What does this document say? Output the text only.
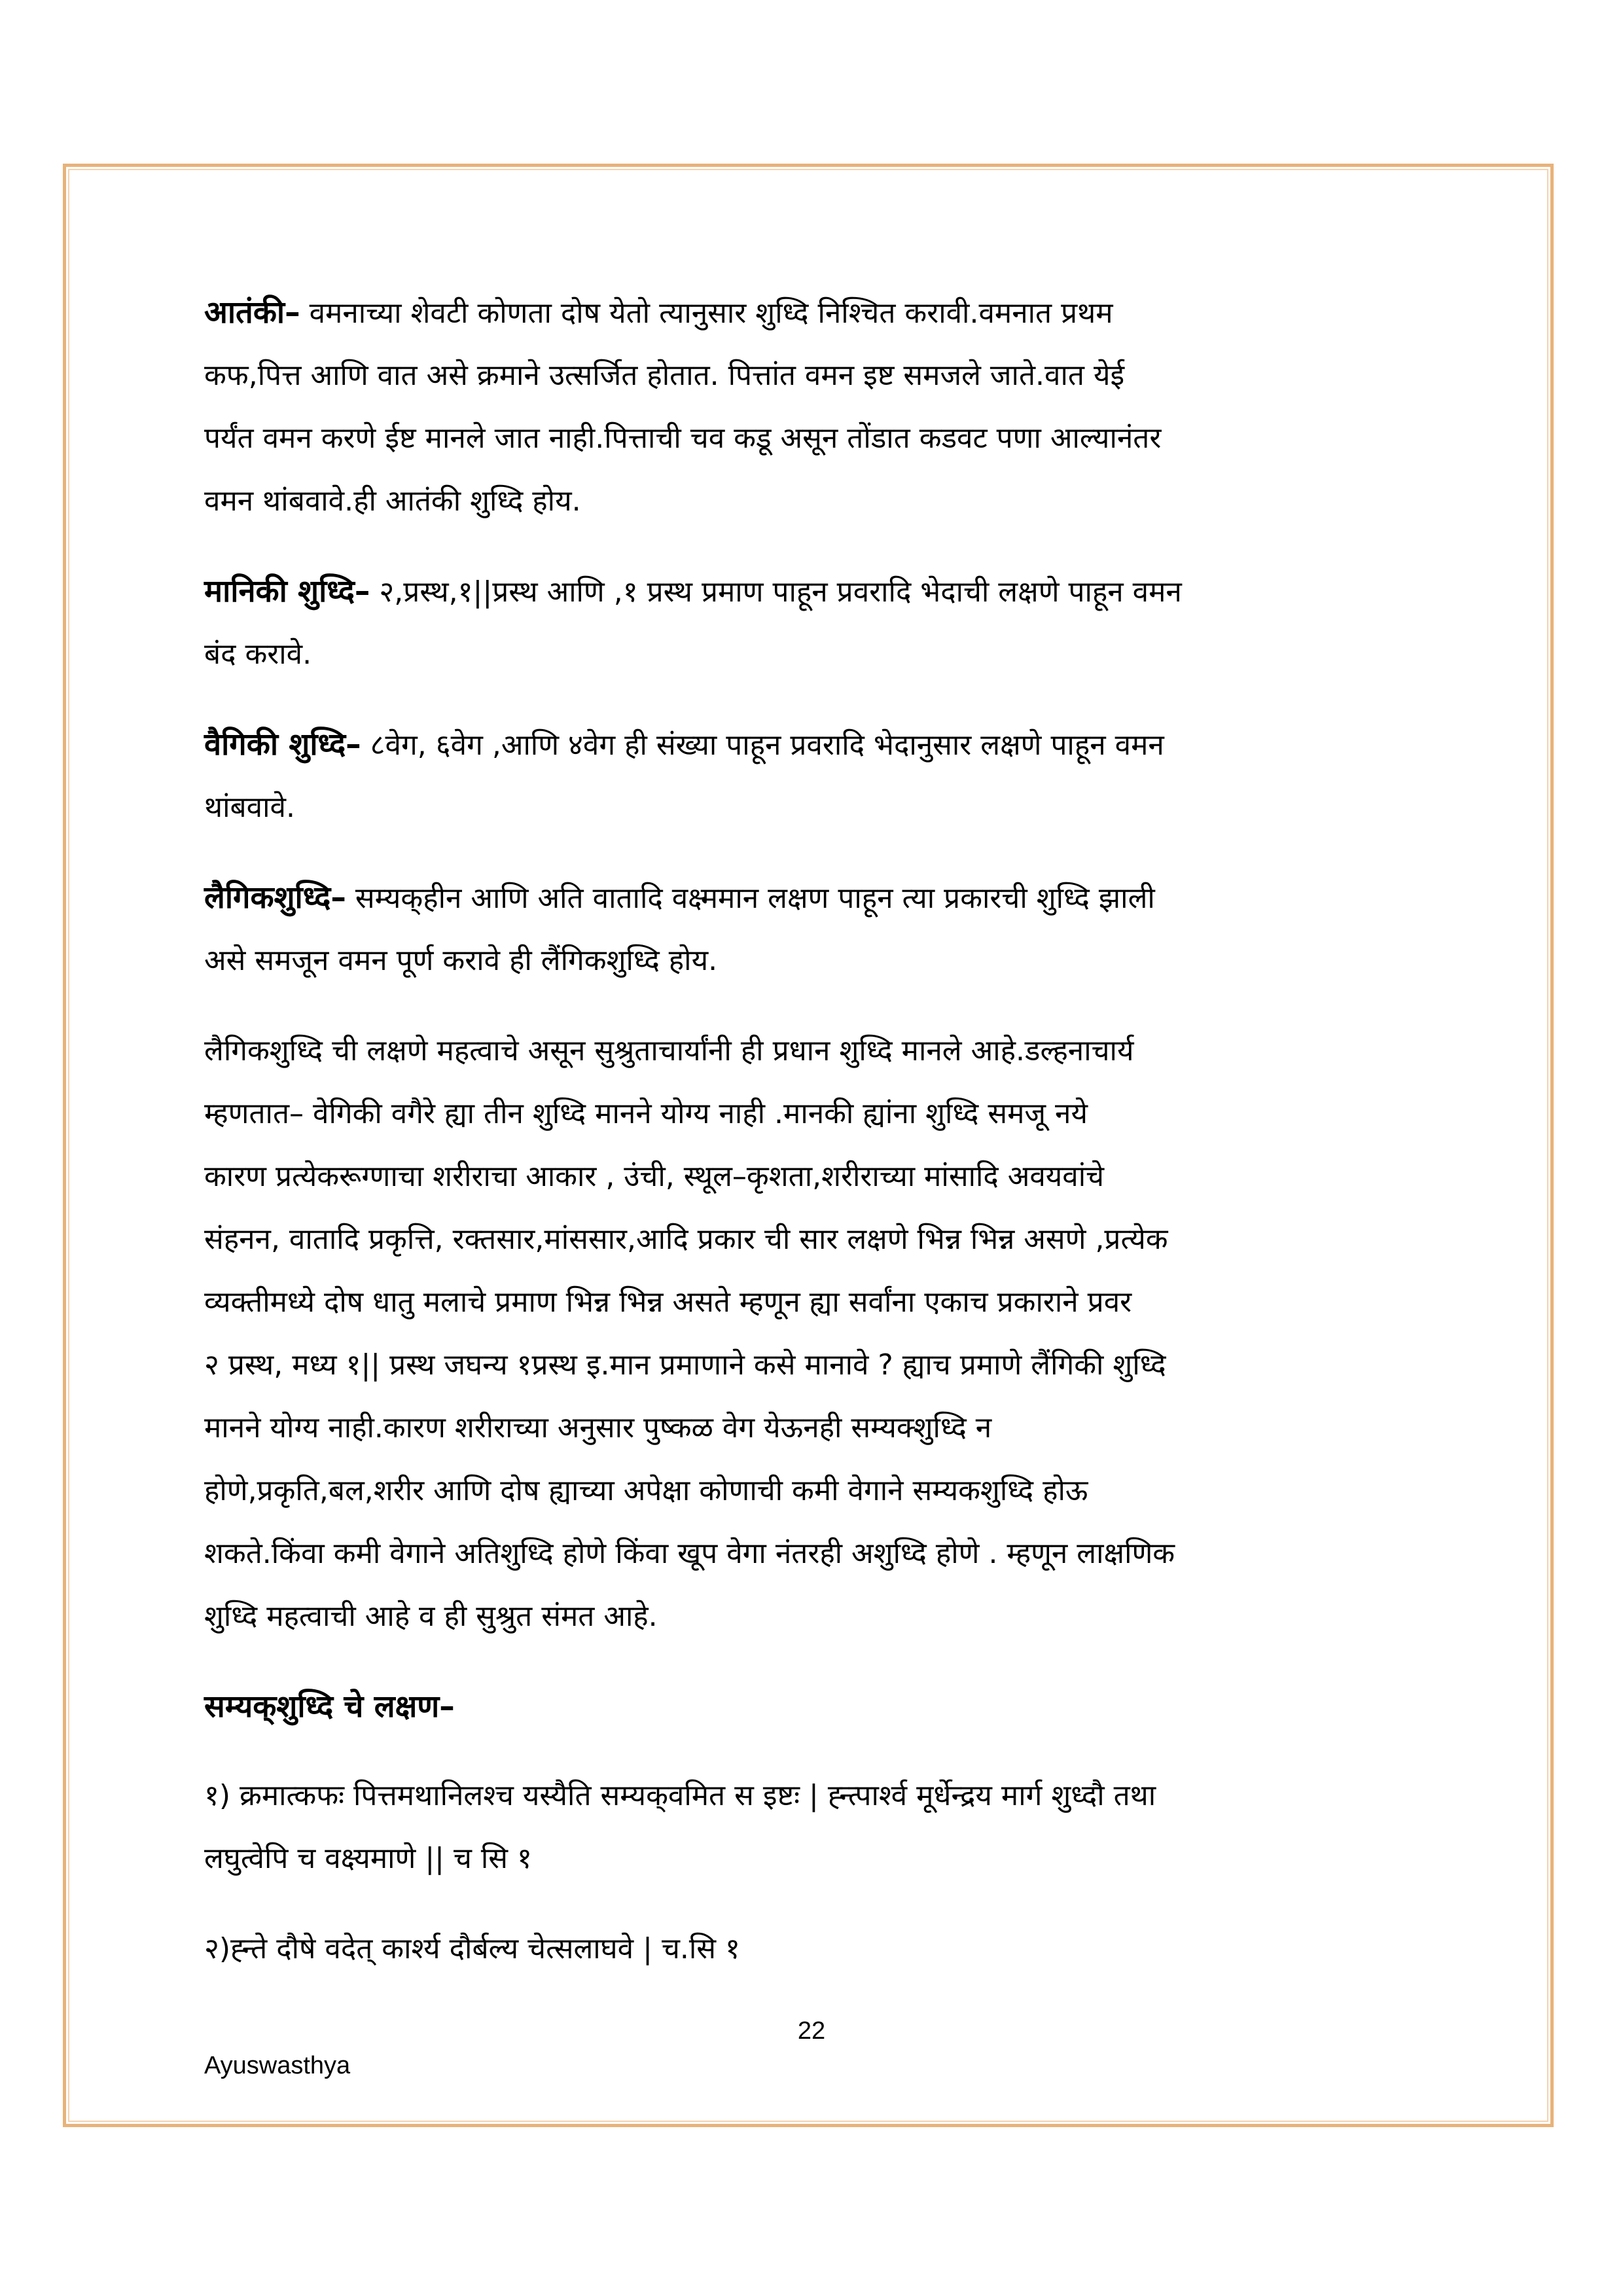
आतंकी– वमनाच्या शेवटी कोणता दोष येतो त्यानुसार शुध्दि निश्चित करावी.वमनात प्रथम
कफ,पित्त आणि वात असे क्रमाने उत्सर्जित होतात. पित्तांत वमन इष्ट समजले जाते.वात येई
पर्यंत वमन करणे ईष्ट मानले जात नाही.पित्ताची चव कडू असून तोंडात कडवट पणा आल्यानंतर
वमन थांबवावे.ही आतंकी शुध्दि होय.

मानिकी शुध्दि– २,प्रस्थ,१||प्रस्थ आणि ,१ प्रस्थ प्रमाण पाहून प्रवरादि भेदाची लक्षणे पाहून वमन
बंद करावे.

वैगिकी शुध्दि– ८वेग, ६वेग ,आणि ४वेग ही संख्या पाहून प्रवरादि भेदानुसार लक्षणे पाहून वमन
थांबवावे.

लैगिकशुध्दि– सम्यक्‌हीन आणि अति वातादि वक्ष्ममान लक्षण पाहून त्या प्रकारची शुध्दि झाली
असे समजून वमन पूर्ण करावे ही लैंगिकशुध्दि होय.

लैगिकशुध्दि ची लक्षणे महत्वाचे असून सुश्रुताचार्यांनी ही प्रधान शुध्दि मानले आहे.डल्हनाचार्य
म्हणतात– वेगिकी वगैरे ह्या तीन शुध्दि मानने योग्य नाही .मानकी ह्यांना शुध्दि समजू नये
कारण प्रत्येकरूग्णाचा शरीराचा आकार , उंची, स्थूल–कृशता,शरीराच्या मांसादि अवयवांचे
संहनन, वातादि प्रकृत्ति, रक्तसार,मांससार,आदि प्रकार ची सार लक्षणे भिन्न भिन्न असणे ,प्रत्येक
व्यक्तीमध्ये दोष धातु मलाचे प्रमाण भिन्न भिन्न असते म्हणून ह्या सर्वांना एकाच प्रकाराने प्रवर
२ प्रस्थ, मध्य १|| प्रस्थ जघन्य १प्रस्थ इ.मान प्रमाणाने कसे मानावे ? ह्याच प्रमाणे लैंगिकी शुध्दि
मानने योग्य नाही.कारण शरीराच्या अनुसार पुष्कळ वेग येऊनही सम्यक्शुध्दि न
होणे,प्रकृति,बल,शरीर आणि दोष ह्याच्या अपेक्षा कोणाची कमी वेगाने सम्यकशुध्दि होऊ
शकते.किंवा कमी वेगाने अतिशुध्दि होणे किंवा खूप वेगा नंतरही अशुध्दि होणे . म्हणून लाक्षणिक
शुध्दि महत्वाची आहे व ही सुश्रुत संमत आहे.

सम्यक्‌शुध्दि चे लक्षण–

१) क्रमात्कफः पित्तमथानिलश्च यस्यैति सम्यक्‌वमित स इष्टः | ह्न्त्पार्श्व मूर्धेन्द्रय मार्ग शुध्दौ तथा
लघुत्वेपि च वक्ष्यमाणे || च सि १

२)ह्न्ते दौषे वदेत्‌ कार्श्य दौर्बल्य चेत्सलाघवे | च.सि १

22
Ayuswasthya
